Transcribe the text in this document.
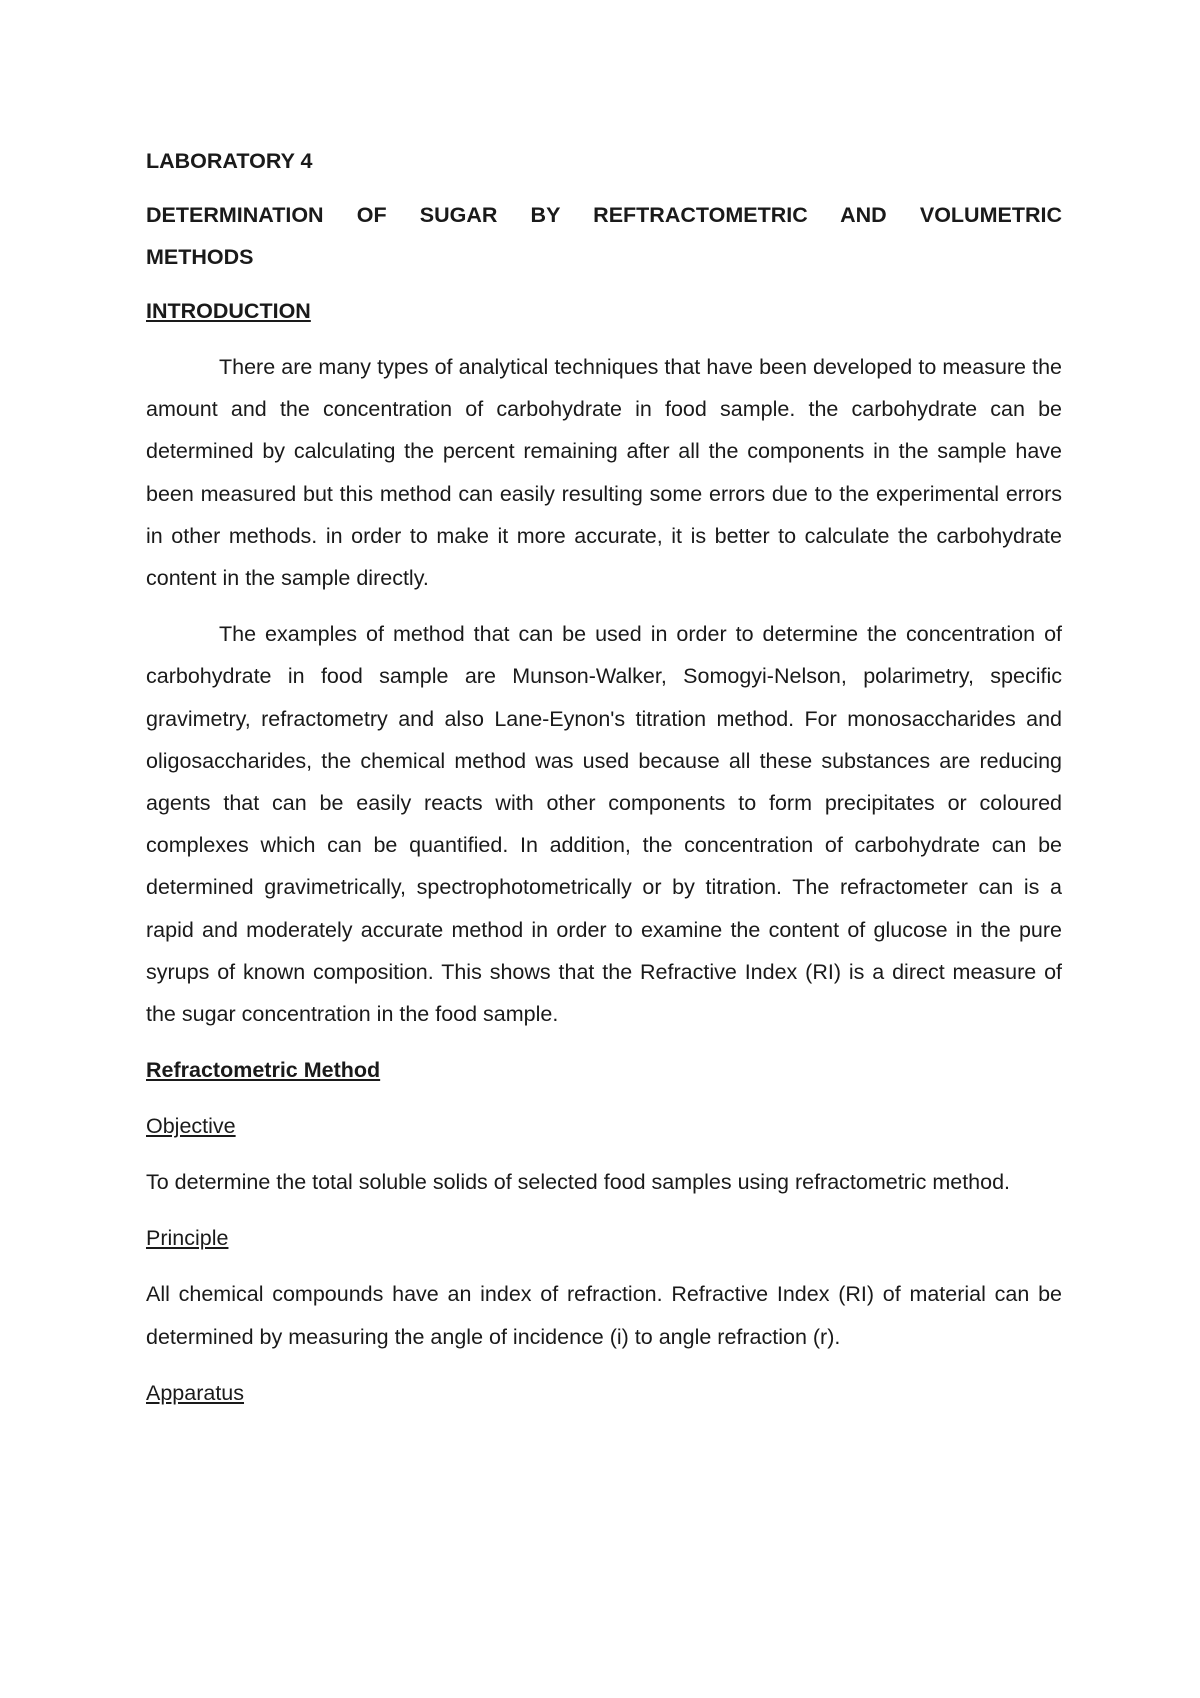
LABORATORY 4
DETERMINATION OF SUGAR BY REFTRACTOMETRIC AND VOLUMETRIC
METHODS
INTRODUCTION

There are many types of analytical techniques that have been developed to measure the amount and the concentration of carbohydrate in food sample. the carbohydrate can be determined by calculating the percent remaining after all the components in the sample have been measured but this method can easily resulting some errors due to the experimental errors in other methods. in order to make it more accurate, it is better to calculate the carbohydrate content in the sample directly.

The examples of method that can be used in order to determine the concentration of carbohydrate in food sample are Munson-Walker, Somogyi-Nelson, polarimetry, specific gravimetry, refractometry and also Lane-Eynon's titration method. For monosaccharides and oligosaccharides, the chemical method was used because all these substances are reducing agents that can be easily reacts with other components to form precipitates or coloured complexes which can be quantified. In addition, the concentration of carbohydrate can be determined gravimetrically, spectrophotometrically or by titration. The refractometer can is a rapid and moderately accurate method in order to examine the content of glucose in the pure syrups of known composition. This shows that the Refractive Index (RI) is a direct measure of the sugar concentration in the food sample.

Refractometric Method

Objective

To determine the total soluble solids of selected food samples using refractometric method.

Principle

All chemical compounds have an index of refraction. Refractive Index (RI) of material can be determined by measuring the angle of incidence (i) to angle refraction (r).

Apparatus
